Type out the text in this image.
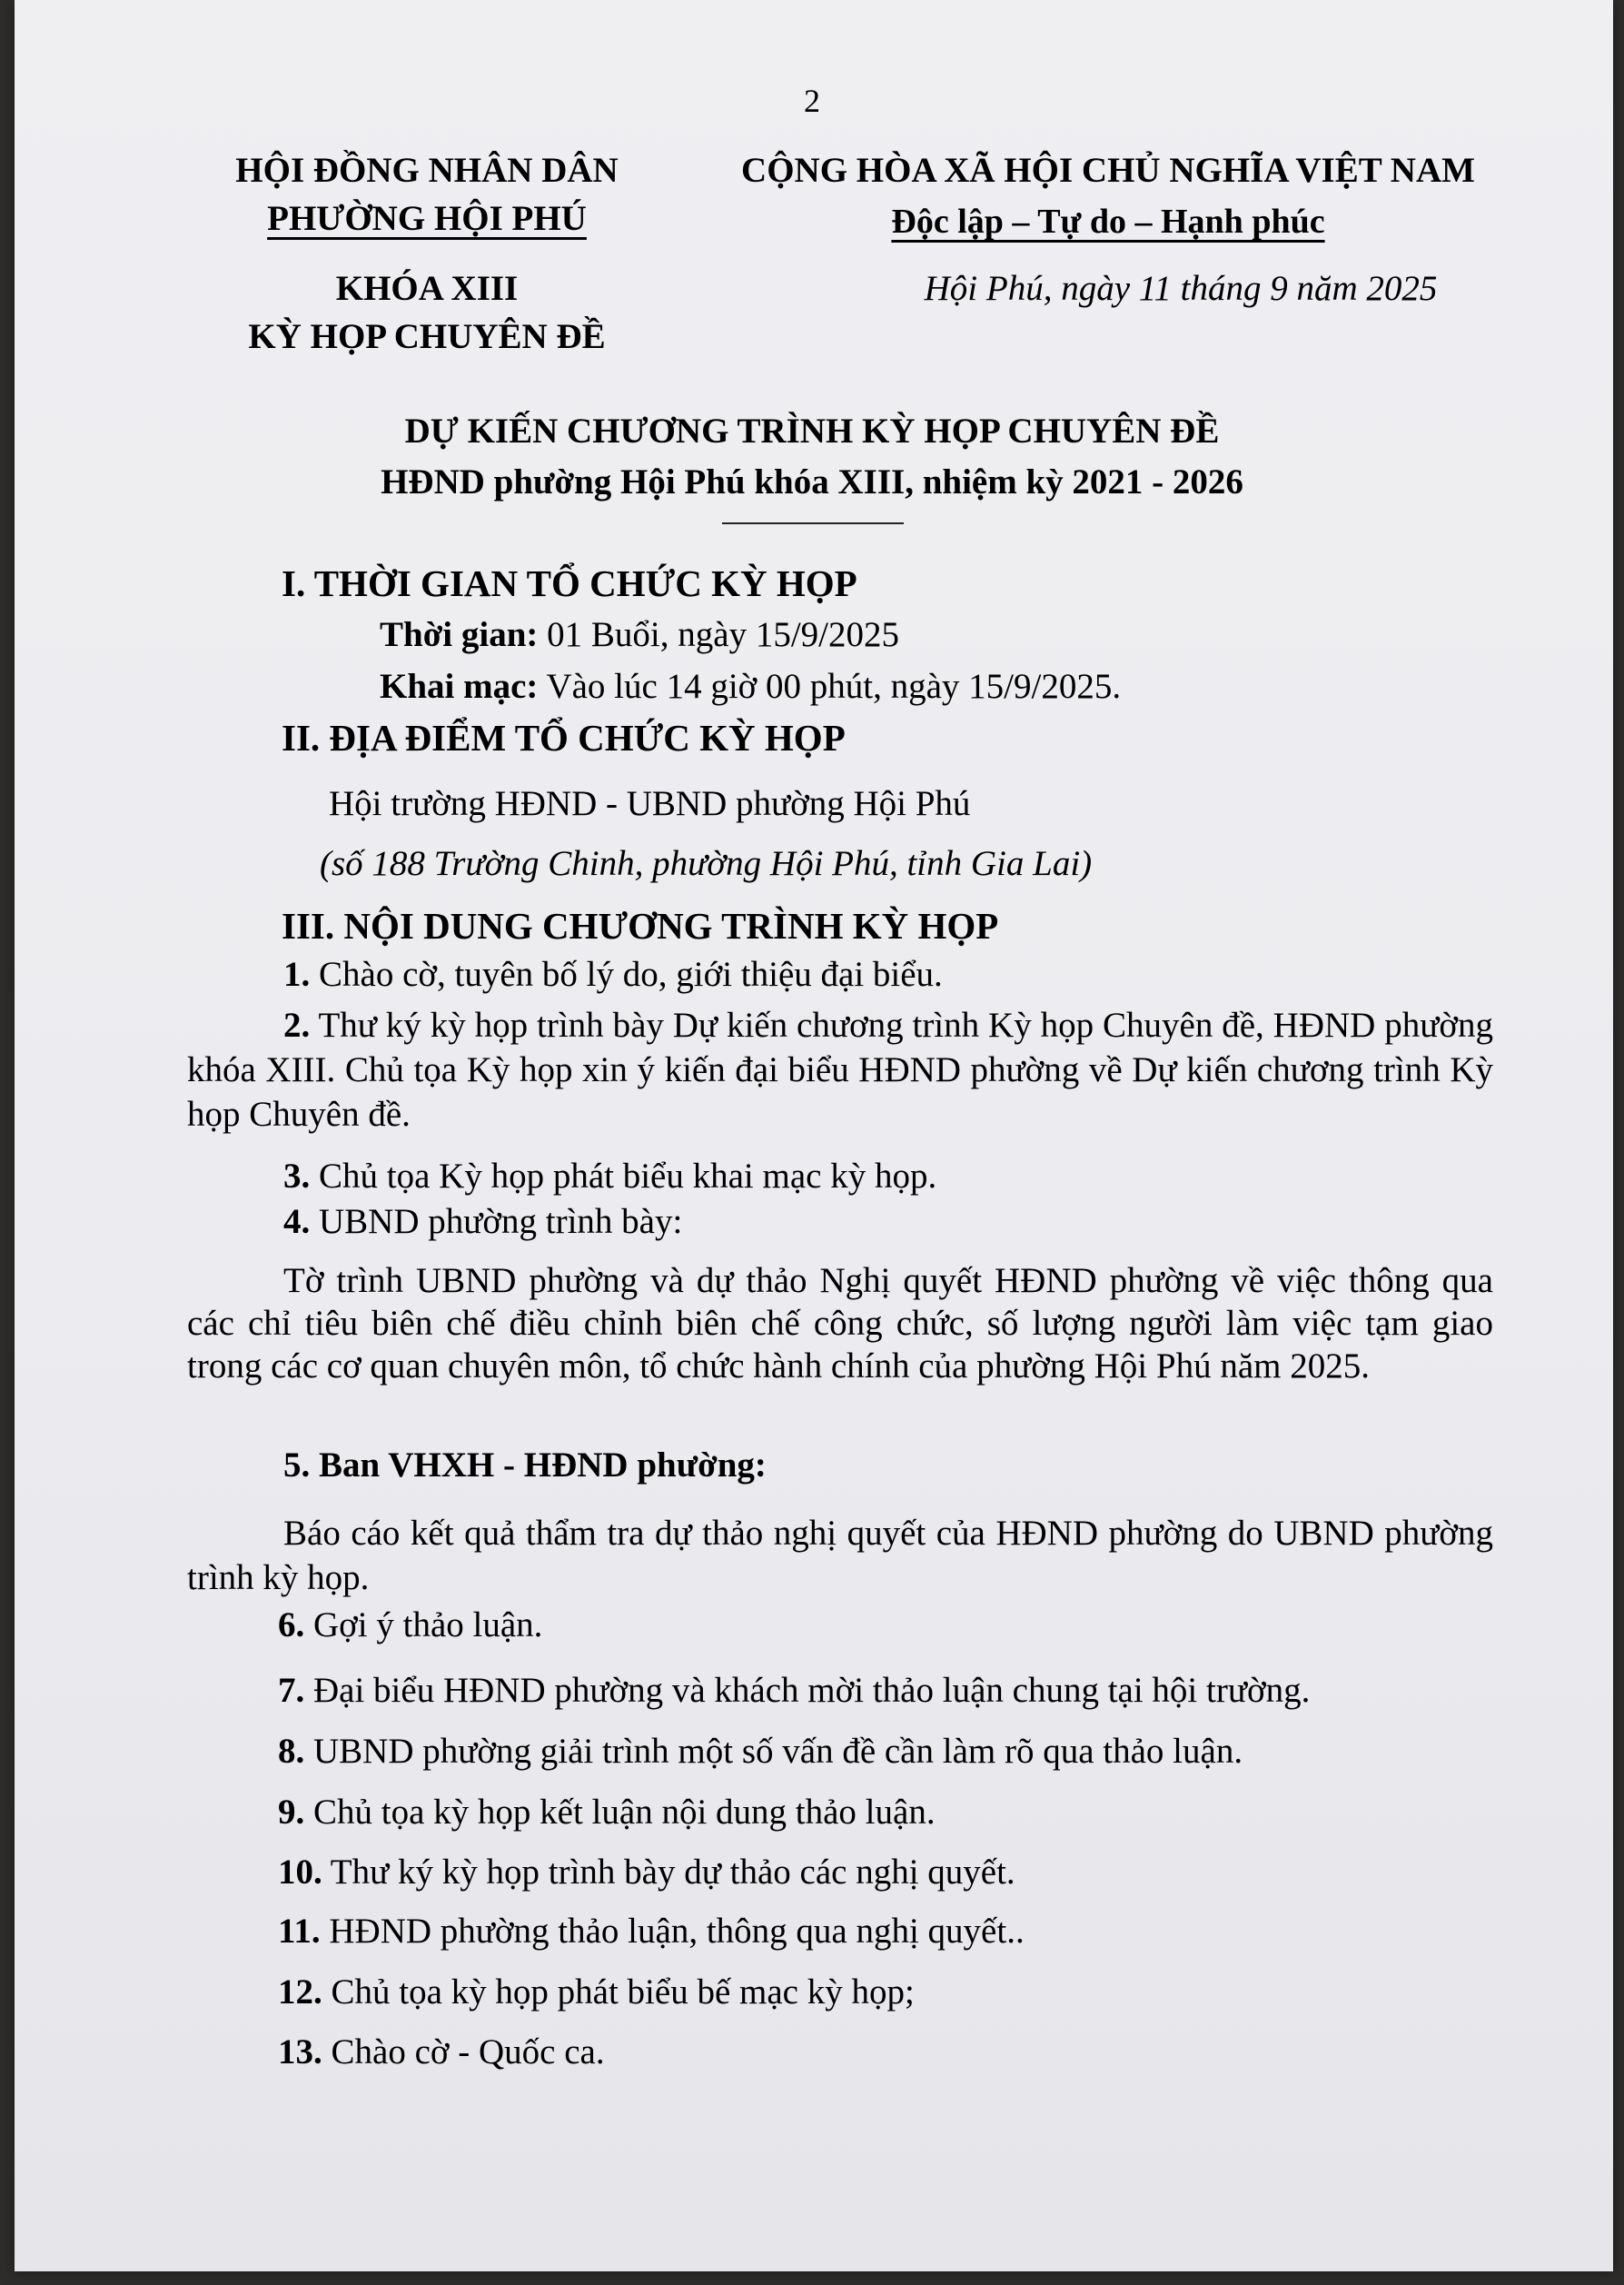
2
HỘI ĐỒNG NHÂN DÂN
PHƯỜNG HỘI PHÚ
KHÓA XIII
KỲ HỌP CHUYÊN ĐỀ
CỘNG HÒA XÃ HỘI CHỦ NGHĨA VIỆT NAM
Độc lập – Tự do – Hạnh phúc
Hội Phú, ngày 11 tháng 9 năm 2025
DỰ KIẾN CHƯƠNG TRÌNH KỲ HỌP CHUYÊN ĐỀ
HĐND phường Hội Phú khóa XIII, nhiệm kỳ 2021 - 2026
I. THỜI GIAN TỔ CHỨC KỲ HỌP
Thời gian: 01 Buổi, ngày 15/9/2025
Khai mạc: Vào lúc 14 giờ 00 phút, ngày 15/9/2025.
II. ĐỊA ĐIỂM TỔ CHỨC KỲ HỌP
Hội trường HĐND - UBND phường Hội Phú
(số 188 Trường Chinh, phường Hội Phú, tỉnh Gia Lai)
III. NỘI DUNG CHƯƠNG TRÌNH KỲ HỌP
1. Chào cờ, tuyên bố lý do, giới thiệu đại biểu.
2. Thư ký kỳ họp trình bày Dự kiến chương trình Kỳ họp Chuyên đề, HĐND phường khóa XIII. Chủ tọa Kỳ họp xin ý kiến đại biểu HĐND phường về Dự kiến chương trình Kỳ họp Chuyên đề.
3. Chủ tọa Kỳ họp phát biểu khai mạc kỳ họp.
4. UBND phường trình bày:
Tờ trình UBND phường và dự thảo Nghị quyết HĐND phường về việc thông qua các chỉ tiêu biên chế điều chỉnh biên chế công chức, số lượng người làm việc tạm giao trong các cơ quan chuyên môn, tổ chức hành chính của phường Hội Phú năm 2025.
5. Ban VHXH - HĐND phường:
Báo cáo kết quả thẩm tra dự thảo nghị quyết của HĐND phường do UBND phường trình kỳ họp.
6. Gợi ý thảo luận.
7. Đại biểu HĐND phường và khách mời thảo luận chung tại hội trường.
8. UBND phường giải trình một số vấn đề cần làm rõ qua thảo luận.
9. Chủ tọa kỳ họp kết luận nội dung thảo luận.
10. Thư ký kỳ họp trình bày dự thảo các nghị quyết.
11. HĐND phường thảo luận, thông qua nghị quyết..
12. Chủ tọa kỳ họp phát biểu bế mạc kỳ họp;
13. Chào cờ - Quốc ca.
